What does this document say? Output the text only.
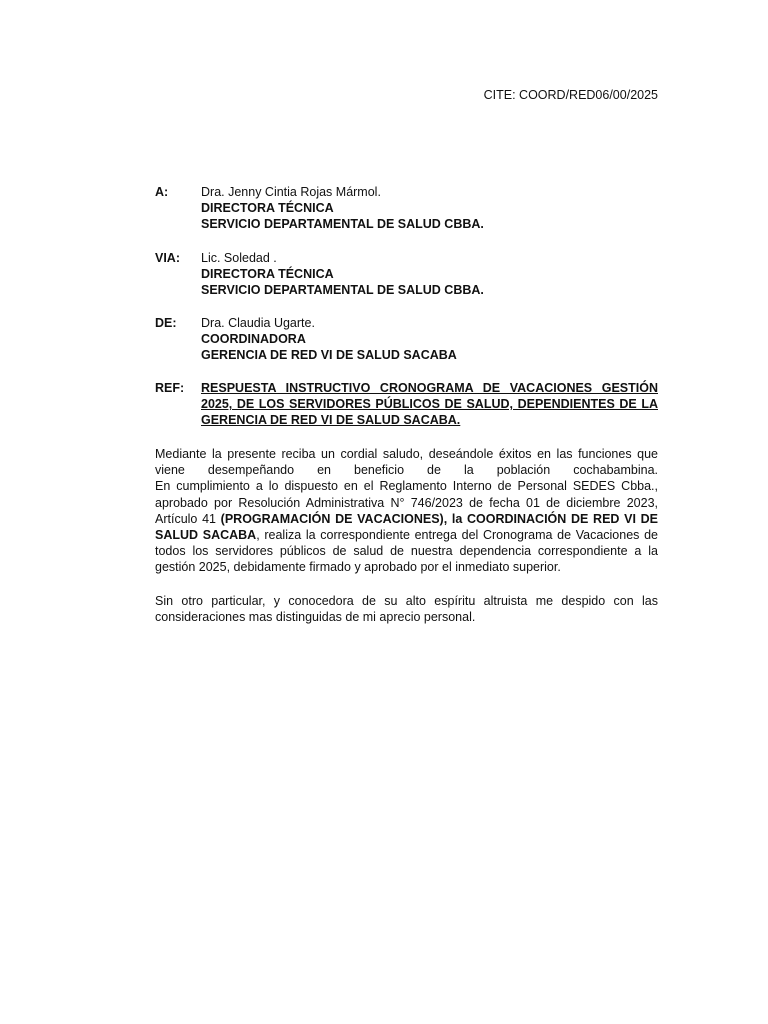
CITE: COORD/RED06/00/2025
A:	Dra. Jenny Cintia Rojas Mármol.
DIRECTORA TÉCNICA
SERVICIO DEPARTAMENTAL DE SALUD CBBA.
VIA: Lic. Soledad .
DIRECTORA TÉCNICA
SERVICIO DEPARTAMENTAL DE SALUD CBBA.
DE: Dra. Claudia Ugarte.
COORDINADORA
GERENCIA DE RED VI DE SALUD SACABA
REF: RESPUESTA INSTRUCTIVO CRONOGRAMA DE VACACIONES GESTIÓN 2025, DE LOS SERVIDORES PÚBLICOS DE SALUD, DEPENDIENTES DE LA GERENCIA DE RED VI DE SALUD SACABA.
Mediante la presente reciba un cordial saludo, deseándole éxitos en las funciones que viene desempeñando en beneficio de la población cochabambina.
En cumplimiento a lo dispuesto en el Reglamento Interno de Personal SEDES Cbba., aprobado por Resolución Administrativa N° 746/2023 de fecha 01 de diciembre 2023, Artículo 41 (PROGRAMACIÓN DE VACACIONES), la COORDINACIÓN DE RED VI DE SALUD SACABA, realiza la correspondiente entrega del Cronograma de Vacaciones de todos los servidores públicos de salud de nuestra dependencia correspondiente a la gestión 2025, debidamente firmado y aprobado por el inmediato superior.
Sin otro particular, y conocedora de su alto espíritu altruista me despido con las consideraciones mas distinguidas de mi aprecio personal.
